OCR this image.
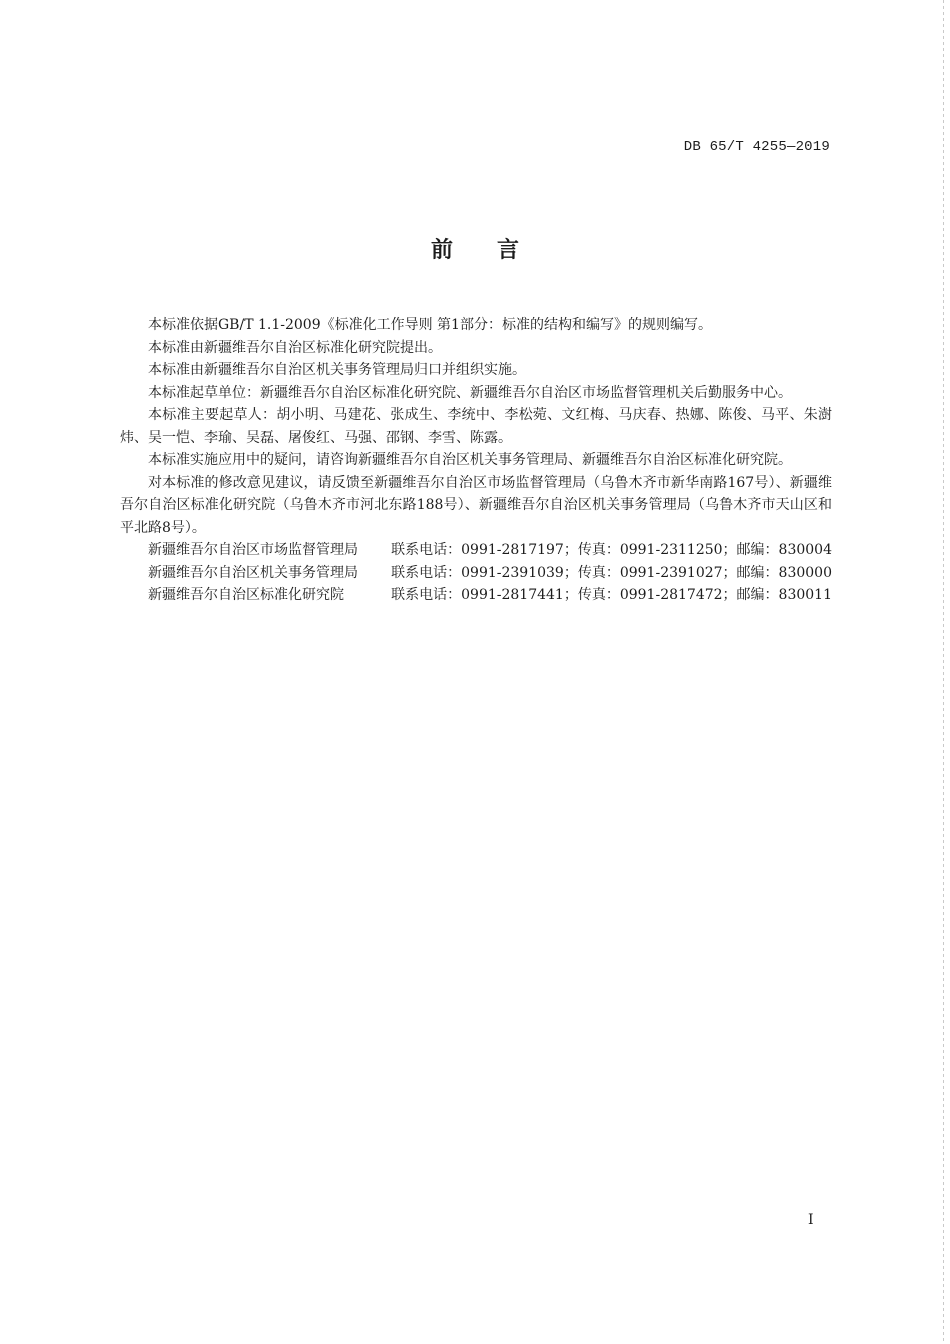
DB 65/T 4255—2019
前言

本标准依据GB/T 1.1-2009《标准化工作导则 第1部分：标准的结构和编写》的规则编写。

本标准由新疆维吾尔自治区标准化研究院提出。

本标准由新疆维吾尔自治区机关事务管理局归口并组织实施。

本标准起草单位：新疆维吾尔自治区标准化研究院、新疆维吾尔自治区市场监督管理机关后勤服务中心。

本标准主要起草人：胡小明、马建花、张成生、李统中、李松菀、文红梅、马庆春、热娜、陈俊、马平、朱澍炜、吴一恺、李瑜、吴磊、屠俊红、马强、邵钢、李雪、陈露。

本标准实施应用中的疑问，请咨询新疆维吾尔自治区机关事务管理局、新疆维吾尔自治区标准化研究院。

对本标准的修改意见建议，请反馈至新疆维吾尔自治区市场监督管理局（乌鲁木齐市新华南路167号）、新疆维吾尔自治区标准化研究院（乌鲁木齐市河北东路188号）、新疆维吾尔自治区机关事务管理局（乌鲁木齐市天山区和平北路8号）。

新疆维吾尔自治区市场监督管理局	联系电话：0991-2817197；传真：0991-2311250；邮编：830004
新疆维吾尔自治区机关事务管理局	联系电话：0991-2391039；传真：0991-2391027；邮编：830000
新疆维吾尔自治区标准化研究院	联系电话：0991-2817441；传真：0991-2817472；邮编：830011
I
